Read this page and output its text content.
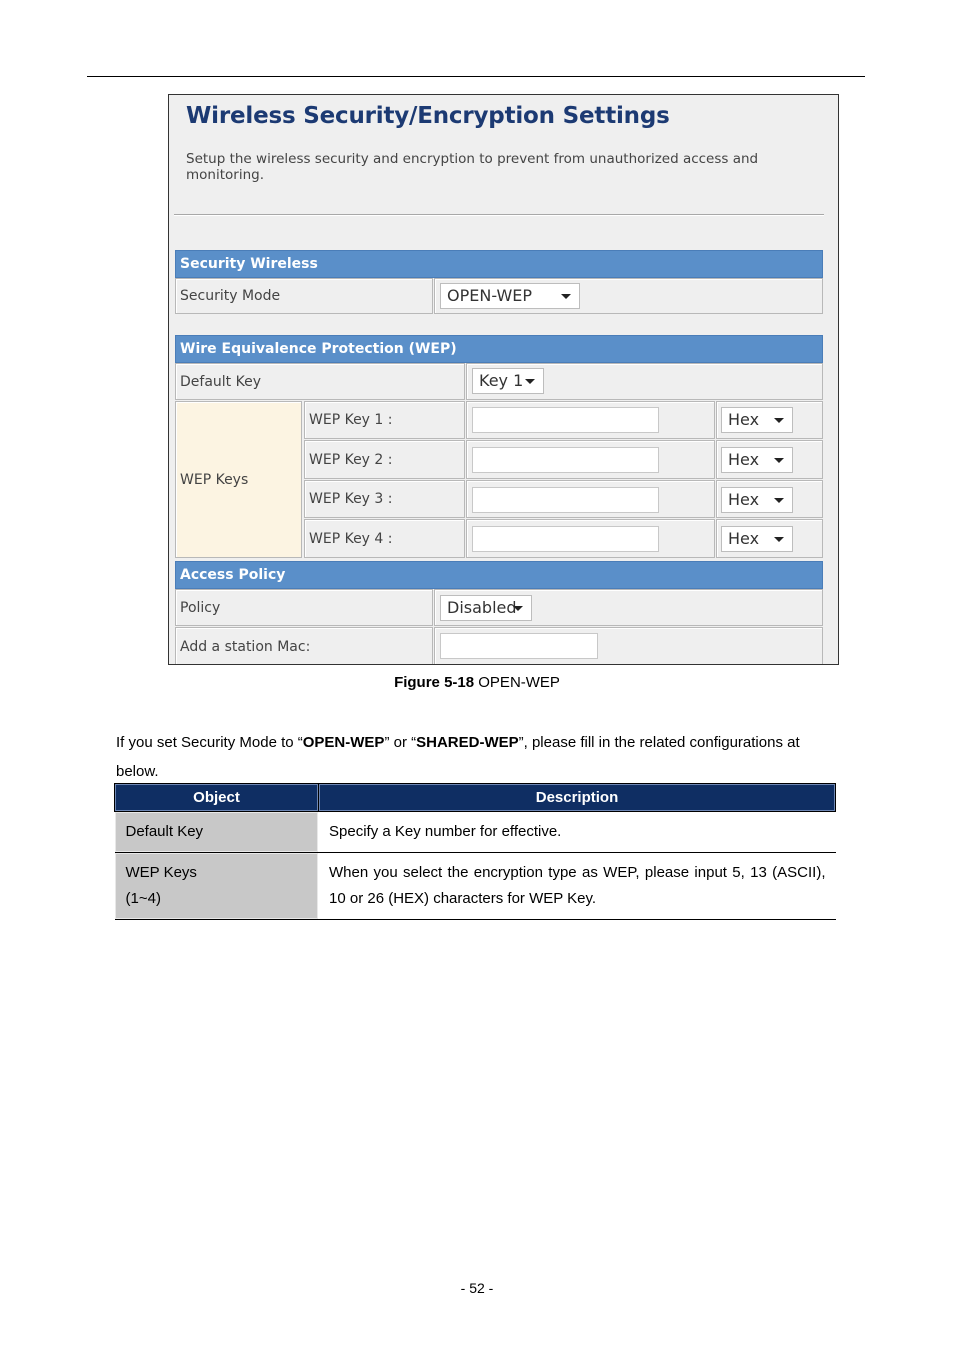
Wireless Security/Encryption Settings
Setup the wireless security and encryption to prevent from unauthorized access and monitoring.
Security Wireless
Security Mode	OPEN-WEP
Wire Equivalence Protection (WEP)
Default Key	Key 1
WEP Keys
WEP Key 1 :	Hex
WEP Key 2 :	Hex
WEP Key 3 :	Hex
WEP Key 4 :	Hex
Access Policy
Policy	Disabled
Add a station Mac:
Figure 5-18 OPEN-WEP

If you set Security Mode to “OPEN-WEP” or “SHARED-WEP”, please fill in the related configurations at below.

Object	Description
Default Key	Specify a Key number for effective.
WEP Keys
(1~4)	When you select the encryption type as WEP, please input 5, 13 (ASCII), 10 or 26 (HEX) characters for WEP Key.
- 52 -
